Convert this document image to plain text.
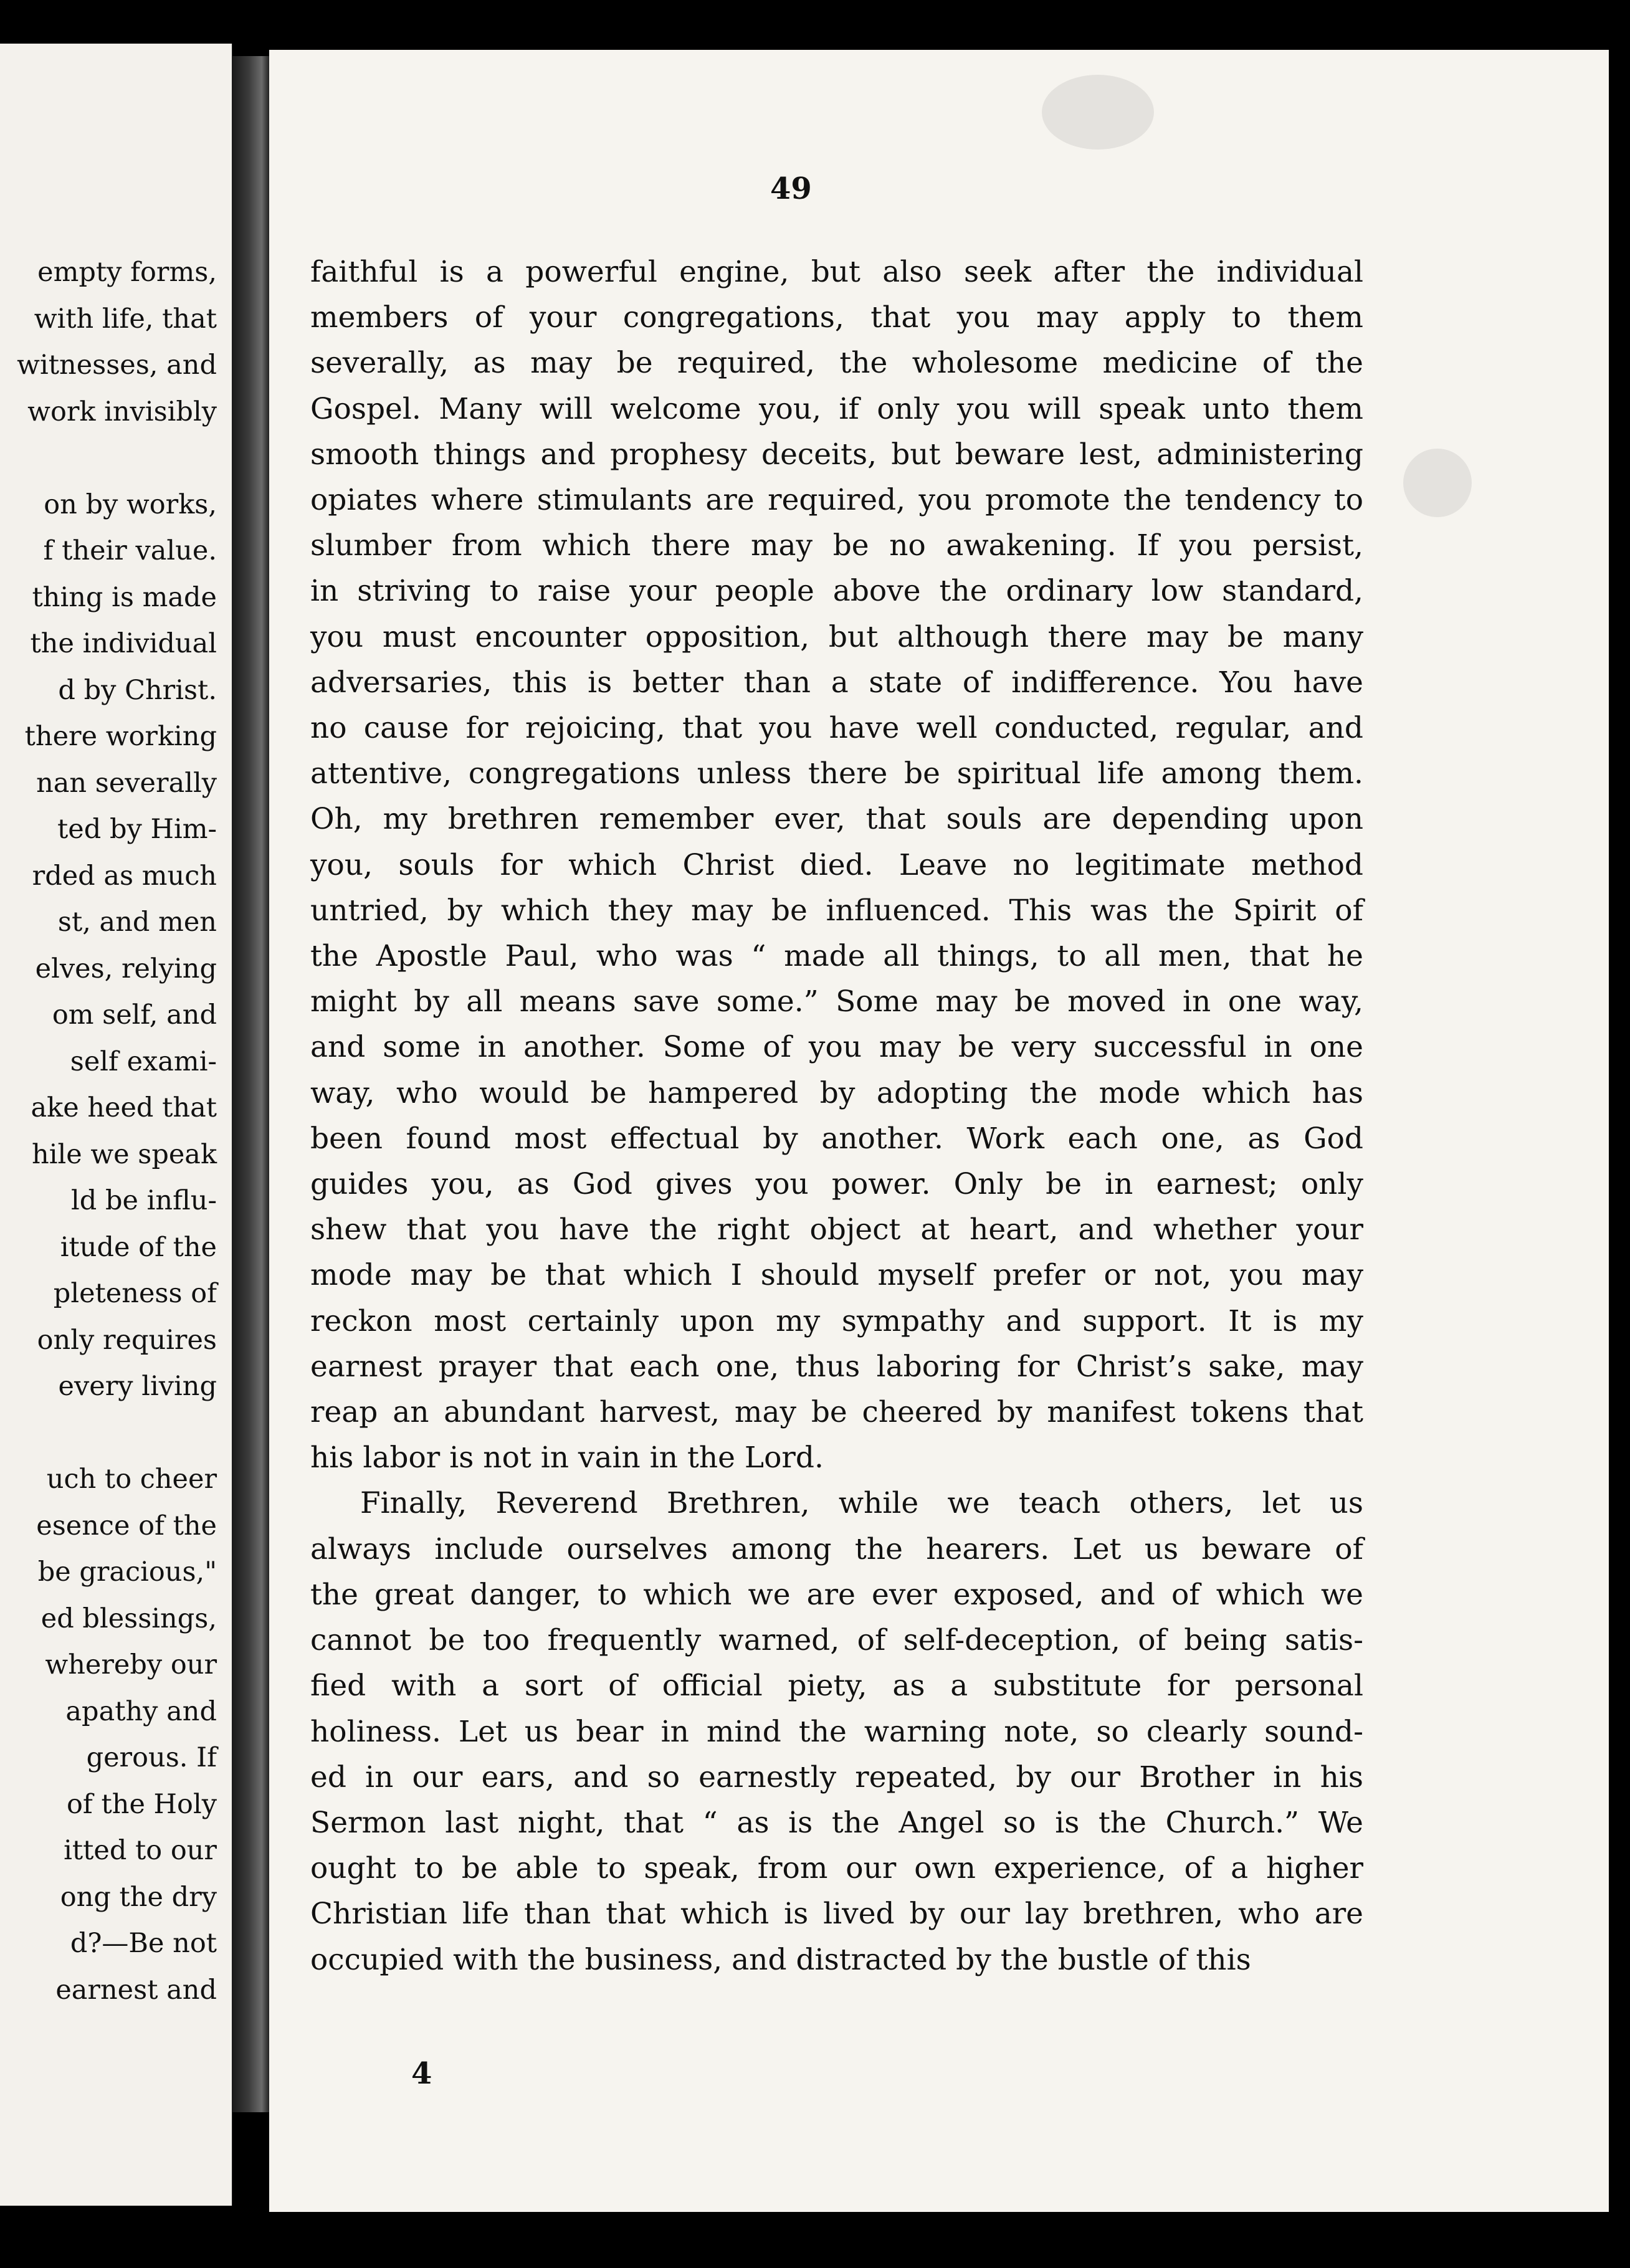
empty forms,
with life, that
witnesses, and
work invisibly
on by works,
f their value.
thing is made
the individual
d by Christ.
there working
nan severally
ted by Him-
rded as much
st, and men
elves, relying
om self, and
self exami-
ake heed that
hile we speak
ld be influ-
itude of the
pleteness of
only requires
every living
uch to cheer
esence of the
be gracious,"
ed blessings,
whereby our
apathy and
gerous. If
of the Holy
itted to our
ong the dry
d?—Be not
earnest and
49
faithful is a powerful engine, but also seek after the individual
members of your congregations, that you may apply to them
severally, as may be required, the wholesome medicine of the
Gospel. Many will welcome you, if only you will speak unto them
smooth things and prophesy deceits, but beware lest, administering
opiates where stimulants are required, you promote the tendency to
slumber from which there may be no awakening. If you persist,
in striving to raise your people above the ordinary low standard,
you must encounter opposition, but although there may be many
adversaries, this is better than a state of indifference. You have
no cause for rejoicing, that you have well conducted, regular, and
attentive, congregations unless there be spiritual life among them.
Oh, my brethren remember ever, that souls are depending upon
you, souls for which Christ died. Leave no legitimate method
untried, by which they may be influenced. This was the Spirit of
the Apostle Paul, who was “ made all things, to all men, that he
might by all means save some.” Some may be moved in one way,
and some in another. Some of you may be very successful in one
way, who would be hampered by adopting the mode which has
been found most effectual by another. Work each one, as God
guides you, as God gives you power. Only be in earnest; only
shew that you have the right object at heart, and whether your
mode may be that which I should myself prefer or not, you may
reckon most certainly upon my sympathy and support. It is my
earnest prayer that each one, thus laboring for Christ’s sake, may
reap an abundant harvest, may be cheered by manifest tokens that
his labor is not in vain in the Lord.
Finally, Reverend Brethren, while we teach others, let us
always include ourselves among the hearers. Let us beware of
the great danger, to which we are ever exposed, and of which we
cannot be too frequently warned, of self-deception, of being satis-
fied with a sort of official piety, as a substitute for personal
holiness. Let us bear in mind the warning note, so clearly sound-
ed in our ears, and so earnestly repeated, by our Brother in his
Sermon last night, that “ as is the Angel so is the Church.” We
ought to be able to speak, from our own experience, of a higher
Christian life than that which is lived by our lay brethren, who are
occupied with the business, and distracted by the bustle of this
4
